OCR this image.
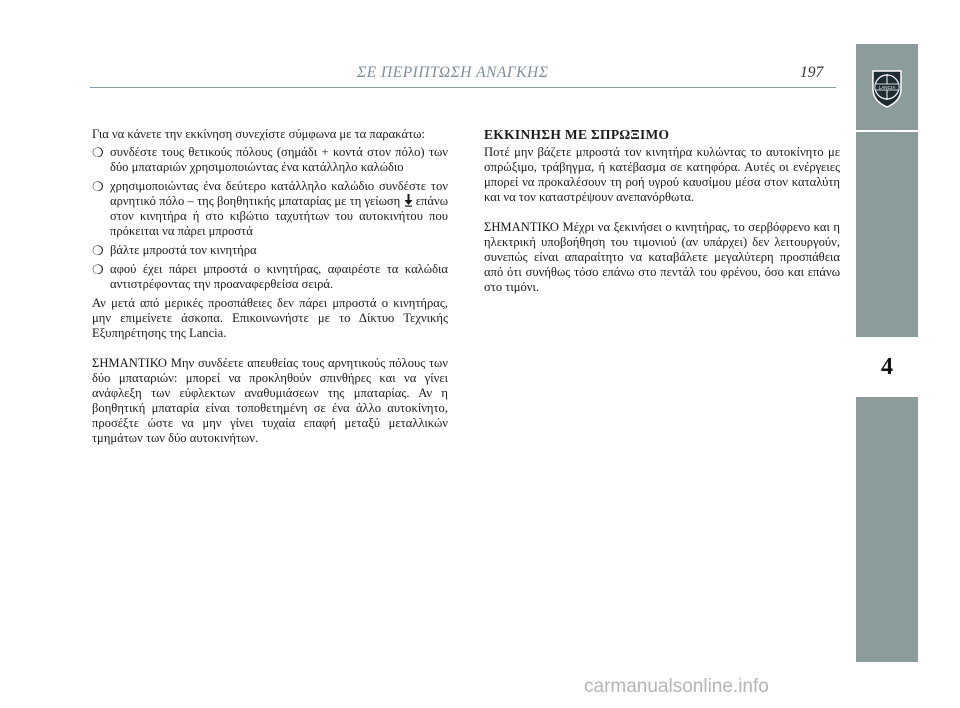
ΣΕ ΠΕΡΙΠΤΩΣΗ ΑΝΑΓΚΗΣ	197
LANCIA
4

Για να κάνετε την εκκίνηση συνεχίστε σύμφωνα με τα παρακάτω:

❍ συνδέστε τους θετικούς πόλους (σημάδι + κοντά στον πόλο) των δύο μπαταριών χρησιμοποιώντας ένα κατάλληλο καλώδιο
❍ χρησιμοποιώντας ένα δεύτερο κατάλληλο καλώδιο συνδέστε τον αρνητικό πόλο – της βοηθητικής μπαταρίας με τη γείωση  επάνω στον κινητήρα ή στο κιβώτιο ταχυτήτων του αυτοκινήτου που πρόκειται να πάρει μπροστά
❍ βάλτε μπροστά τον κινητήρα
❍ αφού έχει πάρει μπροστά ο κινητήρας, αφαιρέστε τα καλώδια αντιστρέφοντας την προαναφερθείσα σειρά.

Αν μετά από μερικές προσπάθειες δεν πάρει μπροστά ο κινητήρας, μην επιμείνετε άσκοπα. Επικοινωνήστε με το Δίκτυο Τεχνικής Εξυπηρέτησης της Lancia.

ΣΗΜΑΝΤΙΚΟ Μην συνδέετε απευθείας τους αρνητικούς πόλους των δύο μπαταριών: μπορεί να προκληθούν σπινθήρες και να γίνει ανάφλεξη των εύφλεκτων αναθυμιάσεων της μπαταρίας. Αν η βοηθητική μπαταρία είναι τοποθετημένη σε ένα άλλο αυτοκίνητο, προσέξτε ώστε να μην γίνει τυχαία επαφή μεταξύ μεταλλικών τμημάτων των δύο αυτοκινήτων.

ΕΚΚΙΝΗΣΗ ΜΕ ΣΠΡΩΞΙΜΟ

Ποτέ μην βάζετε μπροστά τον κινητήρα κυλώντας το αυτοκίνητο με σπρώξιμο, τράβηγμα, ή κατέβασμα σε κατηφόρα. Αυτές οι ενέργειες μπορεί να προκαλέσουν τη ροή υγρού καυσίμου μέσα στον καταλύτη και να τον καταστρέψουν ανεπανόρθωτα.

ΣΗΜΑΝΤΙΚΟ Μέχρι να ξεκινήσει ο κινητήρας, το σερβόφρενο και η ηλεκτρική υποβοήθηση του τιμονιού (αν υπάρχει) δεν λειτουργούν, συνεπώς είναι απαραίτητο να καταβάλετε μεγαλύτερη προσπάθεια από ότι συνήθως τόσο επάνω στο πεντάλ του φρένου, όσο και επάνω στο τιμόνι.

carmanualsonline.info
